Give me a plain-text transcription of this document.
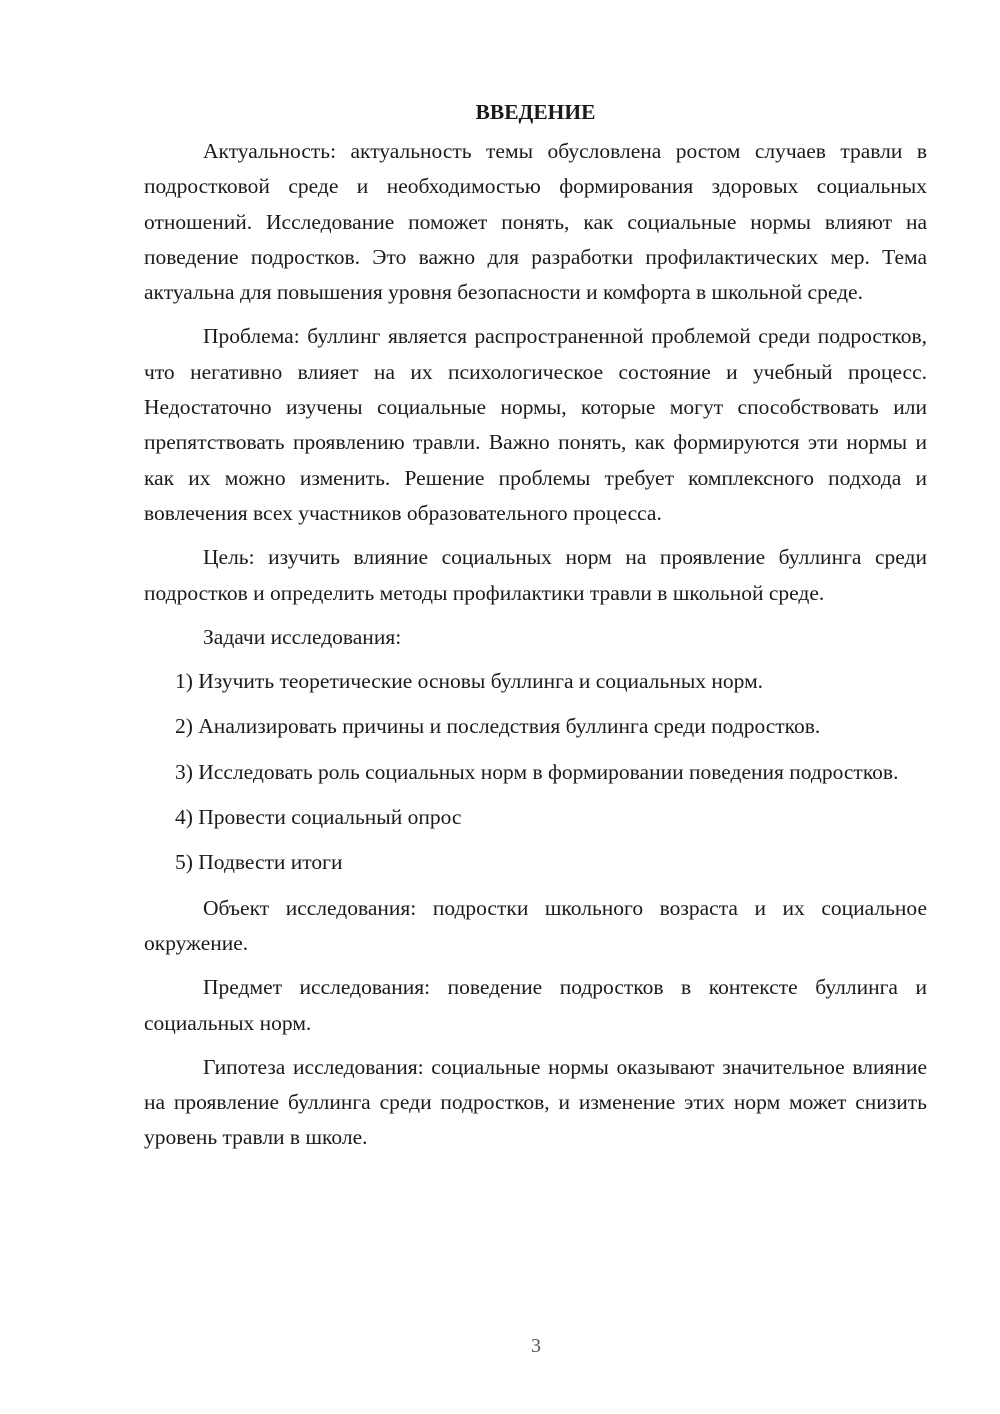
ВВЕДЕНИЕ

Актуальность: актуальность темы обусловлена ростом случаев травли в подростковой среде и необходимостью формирования здоровых социальных отношений. Исследование поможет понять, как социальные нормы влияют на поведение подростков. Это важно для разработки профилактических мер. Тема актуальна для повышения уровня безопасности и комфорта в школьной среде.

Проблема: буллинг является распространенной проблемой среди подростков, что негативно влияет на их психологическое состояние и учебный процесс. Недостаточно изучены социальные нормы, которые могут способствовать или препятствовать проявлению травли. Важно понять, как формируются эти нормы и как их можно изменить. Решение проблемы требует комплексного подхода и вовлечения всех участников образовательного процесса.

Цель: изучить влияние социальных норм на проявление буллинга среди подростков и определить методы профилактики травли в школьной среде.

Задачи исследования:

1) Изучить теоретические основы буллинга и социальных норм.

2) Анализировать причины и последствия буллинга среди подростков.

3) Исследовать роль социальных норм в формировании поведения подростков.

4) Провести социальный опрос

5) Подвести итоги

Объект исследования: подростки школьного возраста и их социальное окружение.

Предмет исследования: поведение подростков в контексте буллинга и социальных норм.

Гипотеза исследования: социальные нормы оказывают значительное влияние на проявление буллинга среди подростков, и изменение этих норм может снизить уровень травли в школе.

3
